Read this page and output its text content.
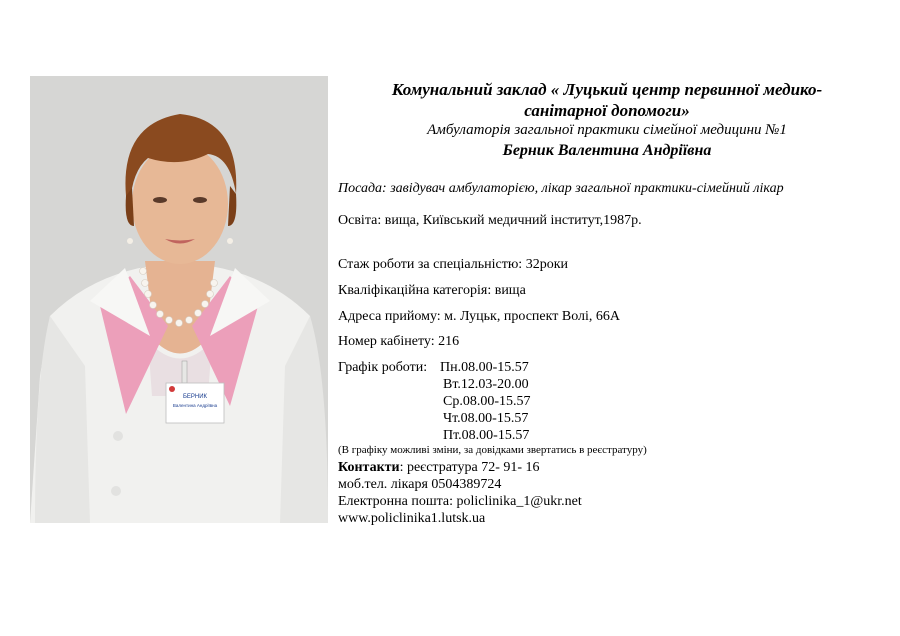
БЕРНИК
Валентина Андріївна
Комунальний заклад « Луцький центр первинної медико-
санітарної допомоги»
Амбулаторія загальної практики сімейної медицини №1
Берник Валентина Андріївна
Посада: завідувач амбулаторією, лікар загальної практики-сімейний лікар
Освіта: вища, Київський медичний інститут,1987р.
Стаж роботи за спеціальністю: 32роки
Кваліфікаційна категорія: вища
Адреса прийому: м. Луцьк, проспект Волі, 66А
Номер кабінету: 216
Графік роботи: Пн.08.00-15.57
Вт.12.03-20.00
Ср.08.00-15.57
Чт.08.00-15.57
Пт.08.00-15.57
(В графіку можливі зміни, за довідками звертатись в реєстратуру)
Контакти: реєстратура 72- 91- 16
моб.тел. лікаря 0504389724
Електронна пошта: policlinika_1@ukr.net
www.policlinika1.lutsk.ua
